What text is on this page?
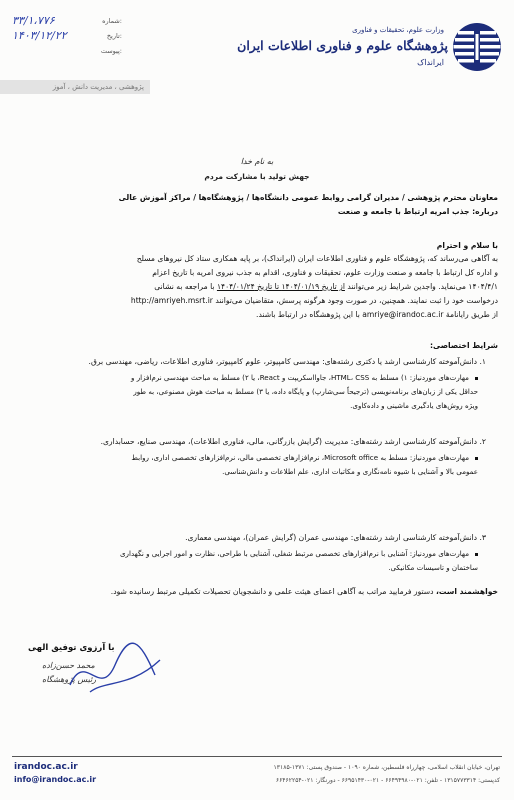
وزارت علوم، تحقیقات و فناوری
پژوهشگاه علوم و فناوری اطلاعات ایران
ایرانداک
شماره:
۳۳/۱،۷۷۶
تاریخ:
۱۴۰۳/۱۲/۲۲
پیوست:
پژوهشی ، مدیریت دانش ، آموز
به نام خدا
جهش تولید با مشارکت مردم
معاونان محترم پژوهشی / مدیران گرامی روابط عمومی دانشگاه‌ها / پژوهشگاه‌ها / مراکز آموزش عالی
درباره: جذب امریه ارتباط با جامعه و صنعت
با سلام و احترام
به آگاهی می‌رساند که، پژوهشگاه علوم و فناوری اطلاعات ایران (ایرانداک)، بر پایه همکاری ستاد کل نیروهای مسلح
و اداره کل ارتباط با جامعه و صنعت وزارت علوم، تحقیقات و فناوری، اقدام به جذب نیروی امریه با تاریخ اعزام
۱۴۰۴/۴/۱ می‌نماید. واجدین شرایط زیر می‌توانند از تاریخ ۱۴۰۴/۰۱/۱۹ تا تاریخ ۱۴۰۴/۰۱/۲۴ با مراجعه به نشانی
درخواست خود را ثبت نمایند. همچنین، در صورت وجود هرگونه پرسش، متقاضیان می‌توانند http://amriyeh.msrt.ir
از طریق رایانامهٔ amriye@irandoc.ac.ir با این پژوهشگاه در ارتباط باشند.
شرایط اختصاصی:
۱. دانش‌آموخته کارشناسی ارشد یا دکتری رشته‌های: مهندسی کامپیوتر، علوم کامپیوتر، فناوری اطلاعات، ریاضی، مهندسی برق.
مهارت‌های موردنیاز: ۱) مسلط به HTML، CSS، جاوااسکریپت و React، یا ۲) مسلط به مباحث مهندسی نرم‌افزار و
حداقل یکی از زبان‌های برنامه‌نویسی (ترجیحاً سی‌شارپ) و پایگاه داده، یا ۳) مسلط به مباحث هوش مصنوعی، به طور
ویژه روش‌های یادگیری ماشینی و داده‌کاوی.
۲. دانش‌آموخته کارشناسی ارشد رشته‌های: مدیریت (گرایش بازرگانی، مالی، فناوری اطلاعات)، مهندسی صنایع، حسابداری.
مهارت‌های موردنیاز: مسلط به Microsoft office، نرم‌افزارهای تخصصی مالی، نرم‌افزارهای تخصصی اداری، روابط
عمومی بالا و آشنایی با شیوه نامه‌نگاری و مکاتبات اداری، علم اطلاعات و دانش‌شناسی.
۳. دانش‌آموخته کارشناسی ارشد رشته‌های: مهندسی عمران (گرایش عمران)، مهندسی معماری.
مهارت‌های موردنیاز: آشنایی با نرم‌افزارهای تخصصی مرتبط شغلی، آشنایی با طراحی، نظارت و امور اجرایی و نگهداری
ساختمان و تاسیسات مکانیکی.
خواهشمند است، دستور فرمایید مراتب به آگاهی اعضای هیئت علمی و دانشجویان تحصیلات تکمیلی مرتبط رسانیده شود.
با آرزوی توفیق الهی
محمد حسن‌زاده
رئیس پژوهشگاه
irandoc.ac.ir
info@irandoc.ac.ir
تهران، خیابان انقلاب اسلامی، چهارراه فلسطین، شماره ۱۰۹۰ - صندوق پستی: ۱۳۷۱-۱۳۱۸۵
کدپستی: ۱۳۱۵۷۷۳۳۱۴ - تلفن: ۰۲۱-۶۶۴۹۴۹۸۰ - ۰۲۱-۶۶۹۵۱۴۳۰ - دورنگار: ۰۲۱-۶۶۴۶۲۲۵۴
